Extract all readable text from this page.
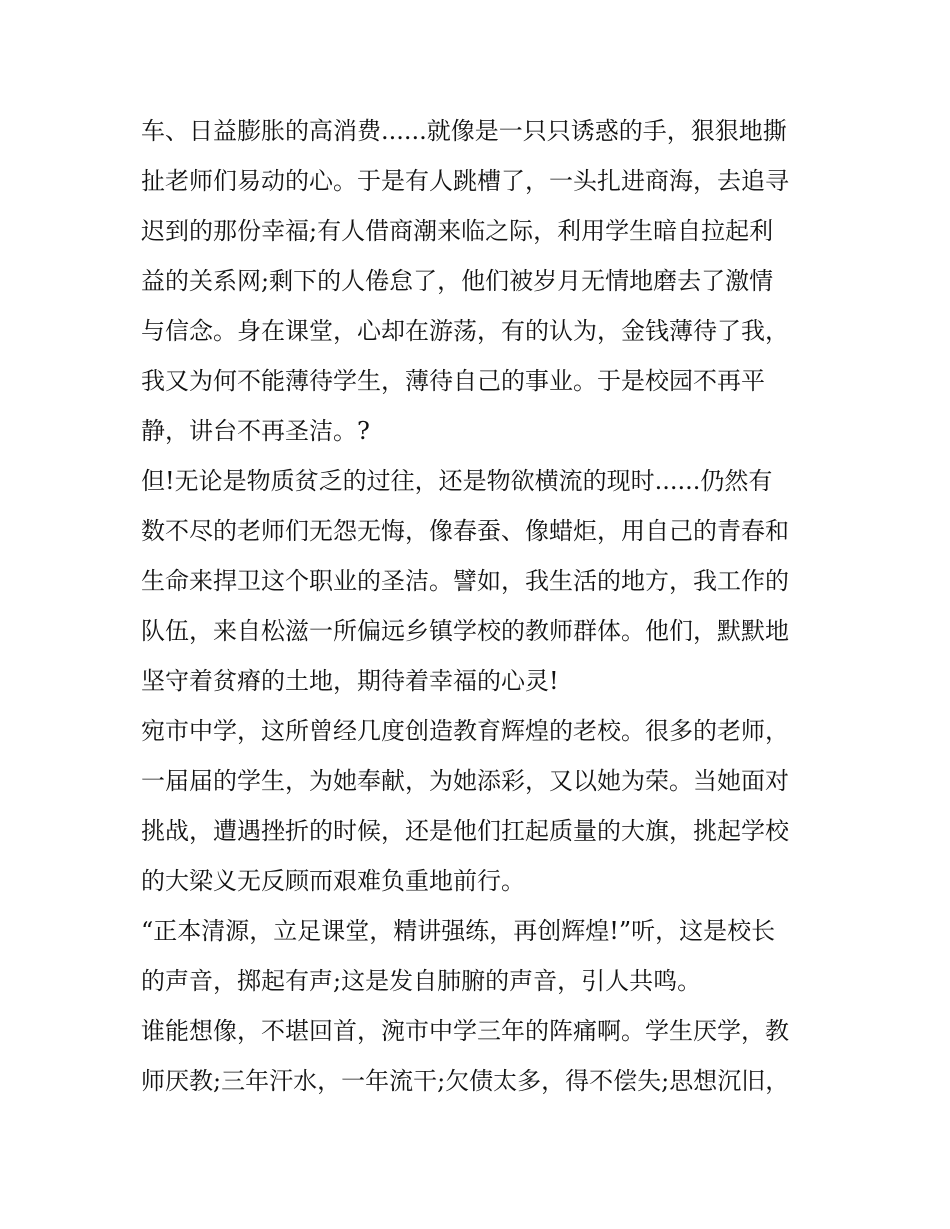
车、日益膨胀的高消费......就像是一只只诱惑的手，狠狠地撕
扯老师们易动的心。于是有人跳槽了，一头扎进商海，去追寻
迟到的那份幸福;有人借商潮来临之际，利用学生暗自拉起利
益的关系网;剩下的人倦怠了，他们被岁月无情地磨去了激情
与信念。身在课堂，心却在游荡，有的认为，金钱薄待了我，
我又为何不能薄待学生，薄待自己的事业。于是校园不再平
静，讲台不再圣洁。?
但!无论是物质贫乏的过往，还是物欲横流的现时......仍然有
数不尽的老师们无怨无悔，像春蚕、像蜡炬，用自己的青春和
生命来捍卫这个职业的圣洁。譬如，我生活的地方，我工作的
队伍，来自松滋一所偏远乡镇学校的教师群体。他们，默默地
坚守着贫瘠的土地，期待着幸福的心灵!
宛市中学，这所曾经几度创造教育辉煌的老校。很多的老师，
一届届的学生，为她奉献，为她添彩，又以她为荣。当她面对
挑战，遭遇挫折的时候，还是他们扛起质量的大旗，挑起学校
的大梁义无反顾而艰难负重地前行。
“正本清源，立足课堂，精讲强练，再创辉煌!”听，这是校长
的声音，掷起有声;这是发自肺腑的声音，引人共鸣。
谁能想像，不堪回首，涴市中学三年的阵痛啊。学生厌学，教
师厌教;三年汗水，一年流干;欠债太多，得不偿失;思想沉旧，
